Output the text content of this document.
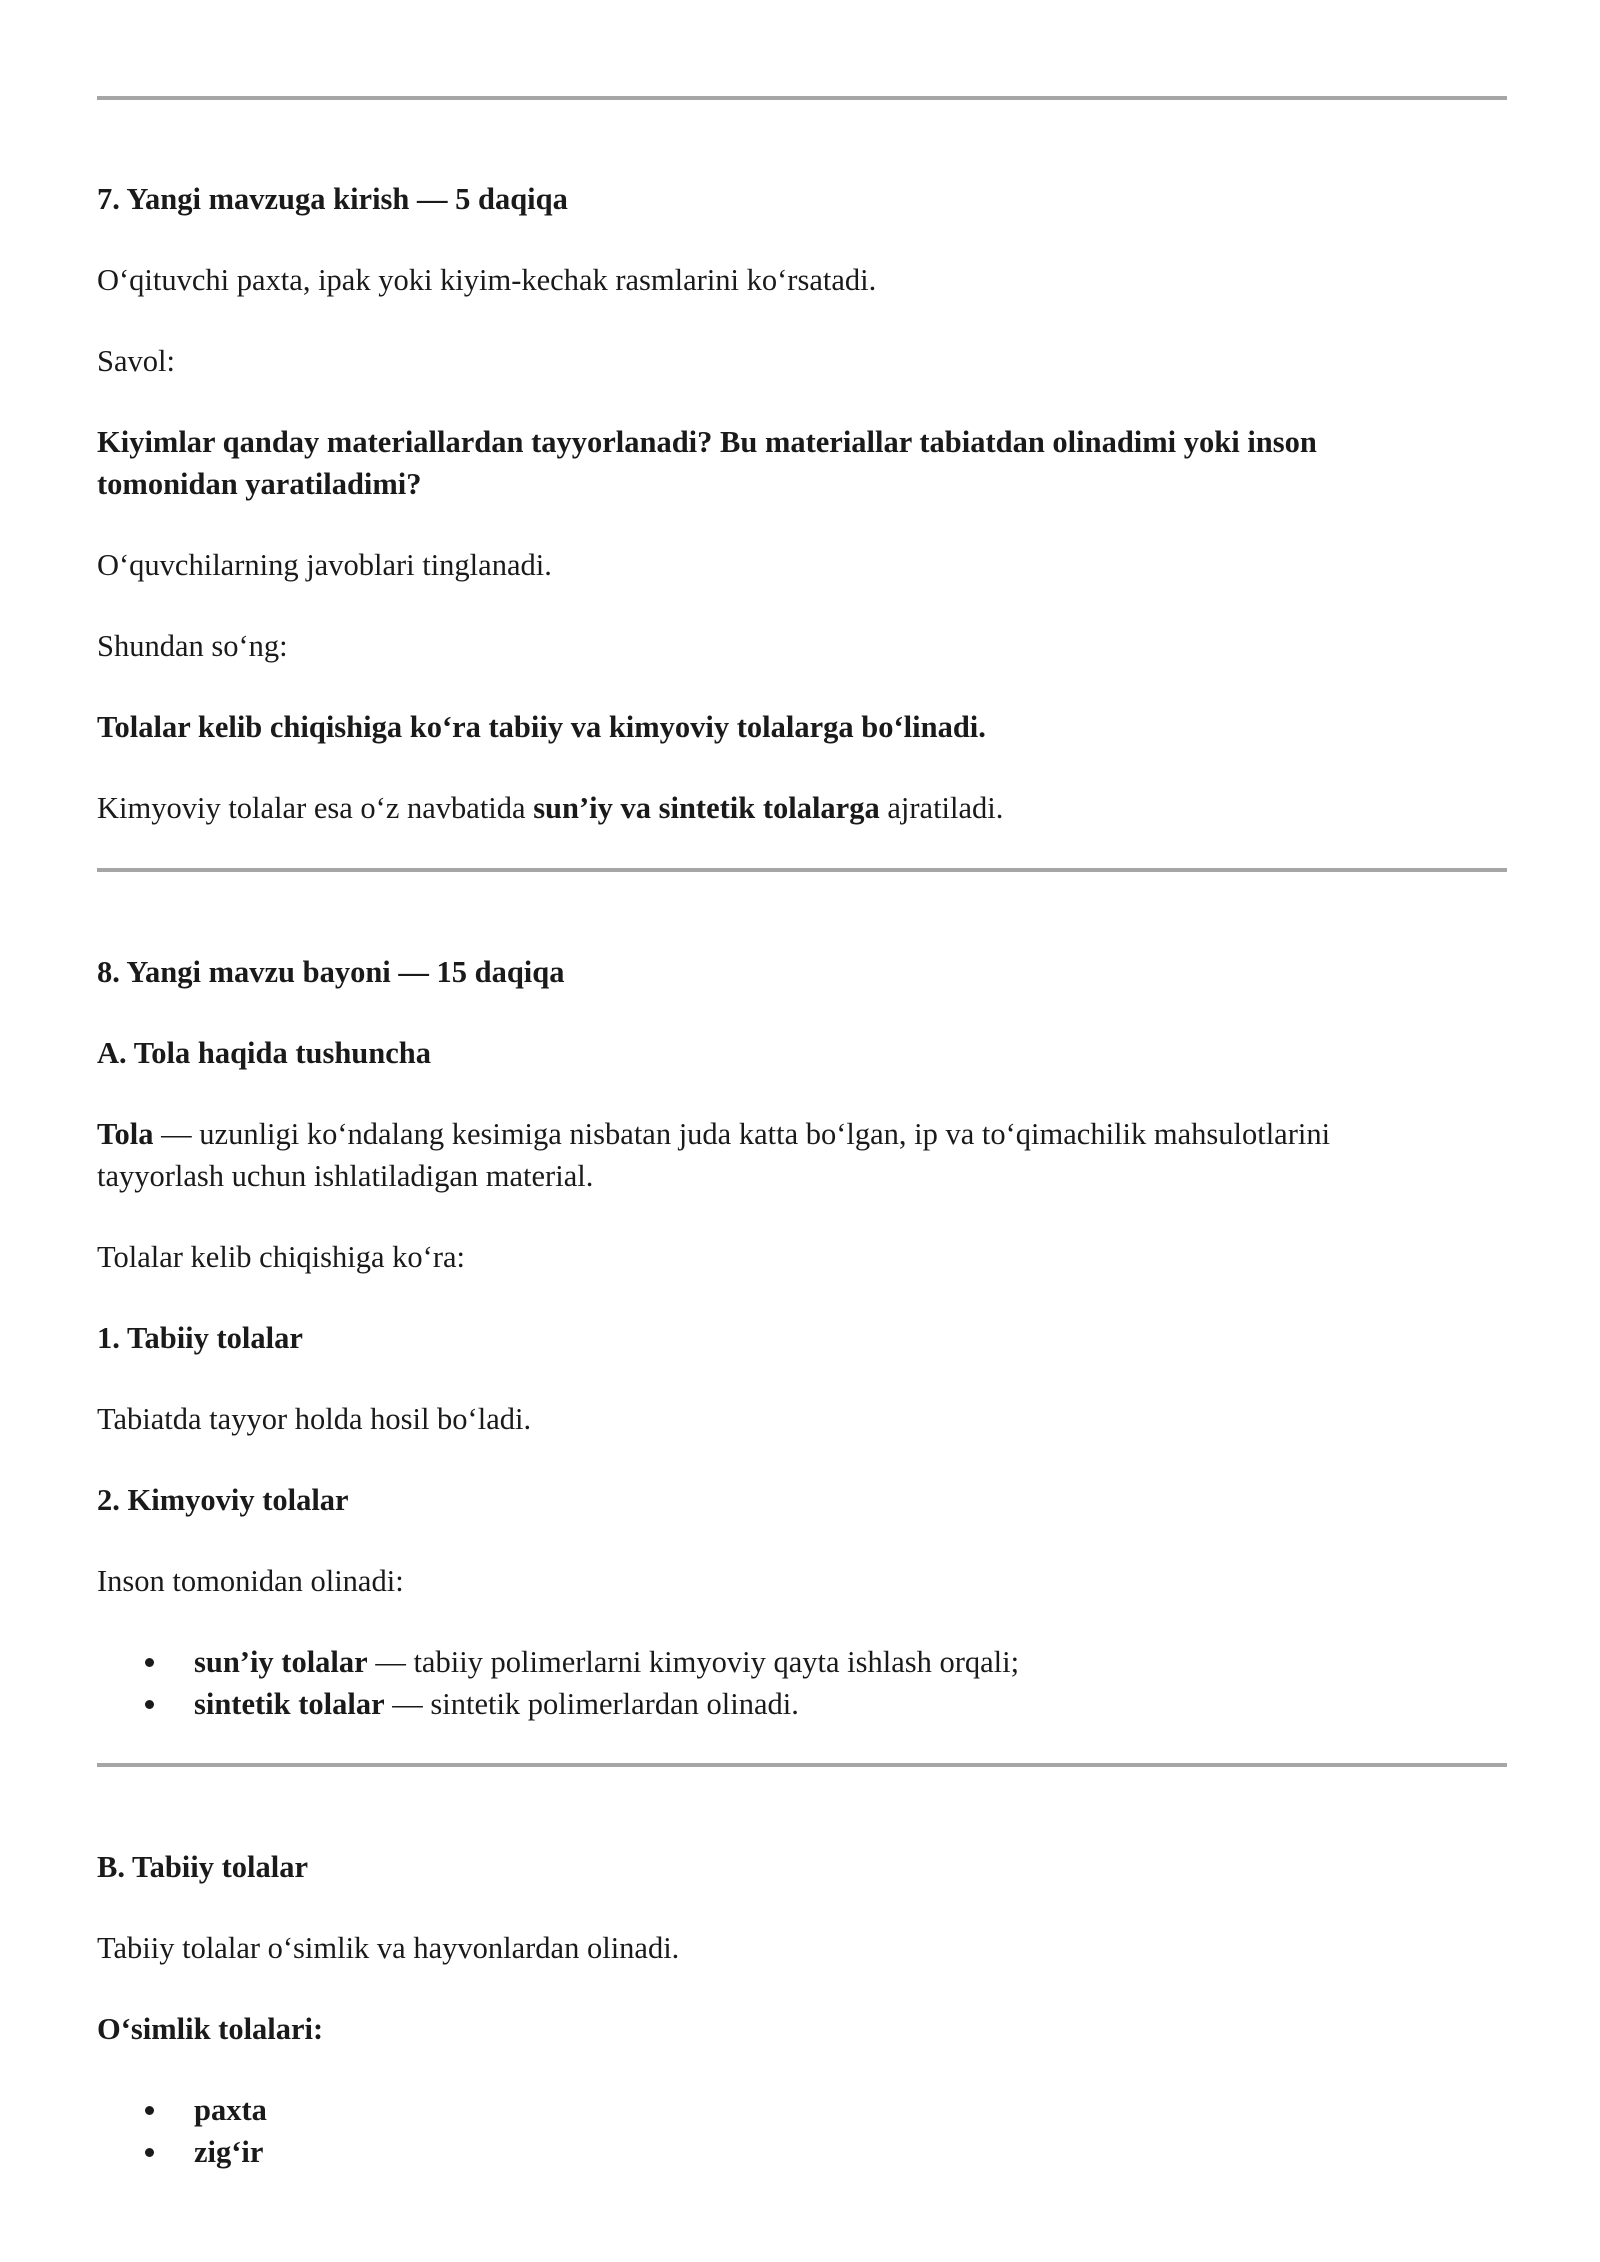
7. Yangi mavzuga kirish — 5 daqiqa

O‘qituvchi paxta, ipak yoki kiyim-kechak rasmlarini ko‘rsatadi.

Savol:

Kiyimlar qanday materiallardan tayyorlanadi? Bu materiallar tabiatdan olinadimi yoki inson

tomonidan yaratiladimi?

O‘quvchilarning javoblari tinglanadi.

Shundan so‘ng:

Tolalar kelib chiqishiga ko‘ra tabiiy va kimyoviy tolalarga bo‘linadi.

Kimyoviy tolalar esa o‘z navbatida sun’iy va sintetik tolalarga ajratiladi.

8. Yangi mavzu bayoni — 15 daqiqa

A. Tola haqida tushuncha

Tola — uzunligi ko‘ndalang kesimiga nisbatan juda katta bo‘lgan, ip va to‘qimachilik mahsulotlarini

tayyorlash uchun ishlatiladigan material.

Tolalar kelib chiqishiga ko‘ra:

1. Tabiiy tolalar

Tabiatda tayyor holda hosil bo‘ladi.

2. Kimyoviy tolalar

Inson tomonidan olinadi:

sun’iy tolalar — tabiiy polimerlarni kimyoviy qayta ishlash orqali;
sintetik tolalar — sintetik polimerlardan olinadi.

B. Tabiiy tolalar

Tabiiy tolalar o‘simlik va hayvonlardan olinadi.

O‘simlik tolalari:

paxta
zig‘ir
